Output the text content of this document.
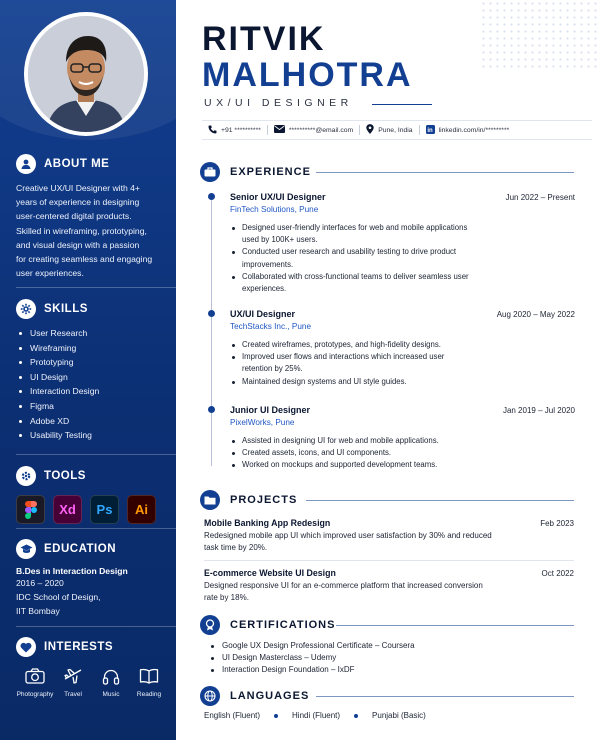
ABOUT ME
Creative UX/UI Designer with 4+
years of experience in designing
user-centered digital products.
Skilled in wireframing, prototyping,
and visual design with a passion
for creating seamless and engaging
user experiences.
SKILLS
User Research
Wireframing
Prototyping
UI Design
Interaction Design
Figma
Adobe XD
Usability Testing
TOOLS
Xd	Ps	Ai
EDUCATION
B.Des in Interaction Design
2016 – 2020
IDC School of Design,
IIT Bombay
INTERESTS
Photography Travel	Music	Reading
RITVIK
MALHOTRA
UX/UI DESIGNER
+91 **********	**********@email.com	Pune, India in linkedin.com/in/*********
EXPERIENCE
Senior UX/UI Designer	Jun 2022 – Present
FinTech Solutions, Pune
Designed user-friendly interfaces for web and mobile applications used by 100K+ users.
Conducted user research and usability testing to drive product improvements.
Collaborated with cross-functional teams to deliver seamless user experiences.
UX/UI Designer	Aug 2020 – May 2022
TechStacks Inc., Pune
Created wireframes, prototypes, and high-fidelity designs.
Improved user flows and interactions which increased user retention by 25%.
Maintained design systems and UI style guides.
Junior UI Designer	Jan 2019 – Jul 2020
PixelWorks, Pune
Assisted in designing UI for web and mobile applications.
Created assets, icons, and UI components.
Worked on mockups and supported development teams.
PROJECTS
Mobile Banking App Redesign	Feb 2023
Redesigned mobile app UI which improved user satisfaction by 30% and reduced task time by 20%.
E-commerce Website UI Design	Oct 2022
Designed responsive UI for an e-commerce platform that increased conversion rate by 18%.
CERTIFICATIONS
Google UX Design Professional Certificate – Coursera
UI Design Masterclass – Udemy
Interaction Design Foundation – IxDF
LANGUAGES
English (Fluent)	Hindi (Fluent)	Punjabi (Basic)
